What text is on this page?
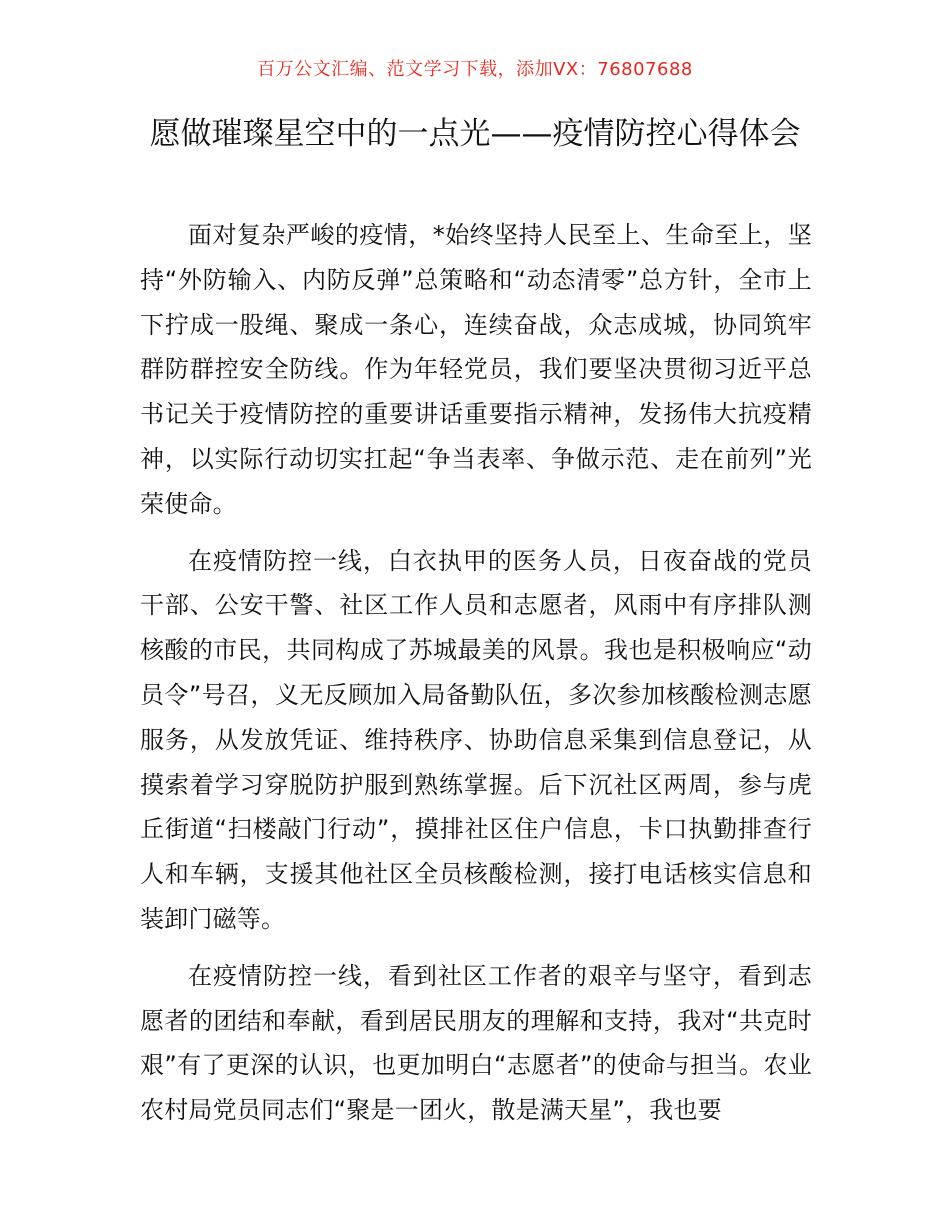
百万公文汇编、范文学习下载，添加VX：76807688
愿做璀璨星空中的一点光——疫情防控心得体会

面对复杂严峻的疫情，*始终坚持人民至上、生命至上，坚持“外防输入、内防反弹”总策略和“动态清零”总方针，全市上下拧成一股绳、聚成一条心，连续奋战，众志成城，协同筑牢群防群控安全防线。作为年轻党员，我们要坚决贯彻习近平总书记关于疫情防控的重要讲话重要指示精神，发扬伟大抗疫精神，以实际行动切实扛起“争当表率、争做示范、走在前列”光荣使命。

在疫情防控一线，白衣执甲的医务人员，日夜奋战的党员干部、公安干警、社区工作人员和志愿者，风雨中有序排队测核酸的市民，共同构成了苏城最美的风景。我也是积极响应“动员令”号召，义无反顾加入局备勤队伍，多次参加核酸检测志愿服务，从发放凭证、维持秩序、协助信息采集到信息登记，从摸索着学习穿脱防护服到熟练掌握。后下沉社区两周，参与虎丘街道“扫楼敲门行动”，摸排社区住户信息，卡口执勤排查行人和车辆，支援其他社区全员核酸检测，接打电话核实信息和装卸门磁等。

在疫情防控一线，看到社区工作者的艰辛与坚守，看到志愿者的团结和奉献，看到居民朋友的理解和支持，我对“共克时艰”有了更深的认识，也更加明白“志愿者”的使命与担当。农业农村局党员同志们“聚是一团火，散是满天星”，我也要
